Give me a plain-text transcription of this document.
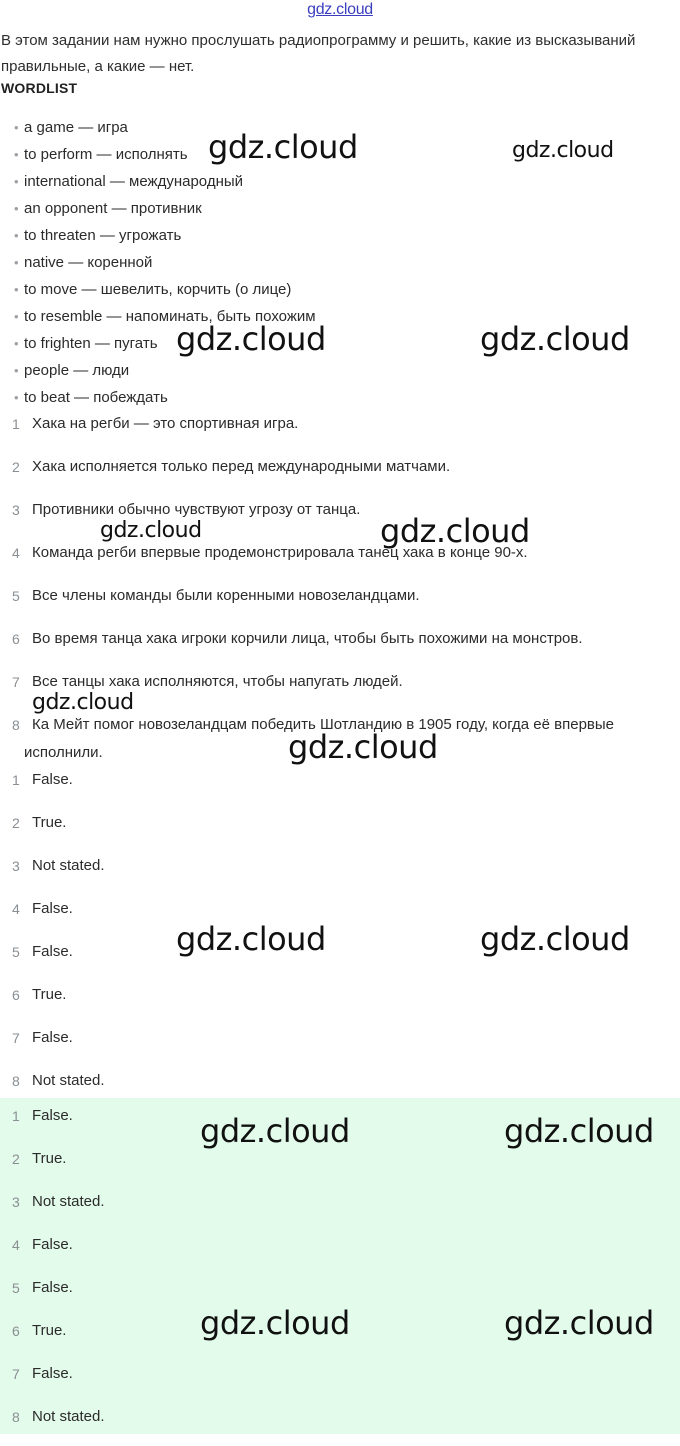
gdz.cloud
В этом задании нам нужно прослушать радиопрограмму и решить, какие из высказываний правильные, а какие — нет.
WORDLIST
• a game — игра
• to perform — исполнять
• international — международный
• an opponent — противник
• to threaten — угрожать
• native — коренной
• to move — шевелить, корчить (о лице)
• to resemble — напоминать, быть похожим
• to frighten — пугать
• people — люди
• to beat — побеждать
1 Хака на регби — это спортивная игра.
2 Хака исполняется только перед международными матчами.
3 Противники обычно чувствуют угрозу от танца.
4 Команда регби впервые продемонстрировала танец хака в конце 90-х.
5 Все члены команды были коренными новозеландцами.
6 Во время танца хака игроки корчили лица, чтобы быть похожими на монстров.
7 Все танцы хака исполняются, чтобы напугать людей.
8 Ка Мейт помог новозеландцам победить Шотландию в 1905 году, когда её впервые исполнили.
1 False.
2 True.
3 Not stated.
4 False.
5 False.
6 True.
7 False.
8 Not stated.
1 False.
2 True.
3 Not stated.
4 False.
5 False.
6 True.
7 False.
8 Not stated.
gdz.cloud	gdz.cloud
gdz.cloud	gdz.cloud
gdz.cloud	gdz.cloud
gdz.cloud
gdz.cloud
gdz.cloud	gdz.cloud
gdz.cloud	gdz.cloud
gdz.cloud	gdz.cloud
